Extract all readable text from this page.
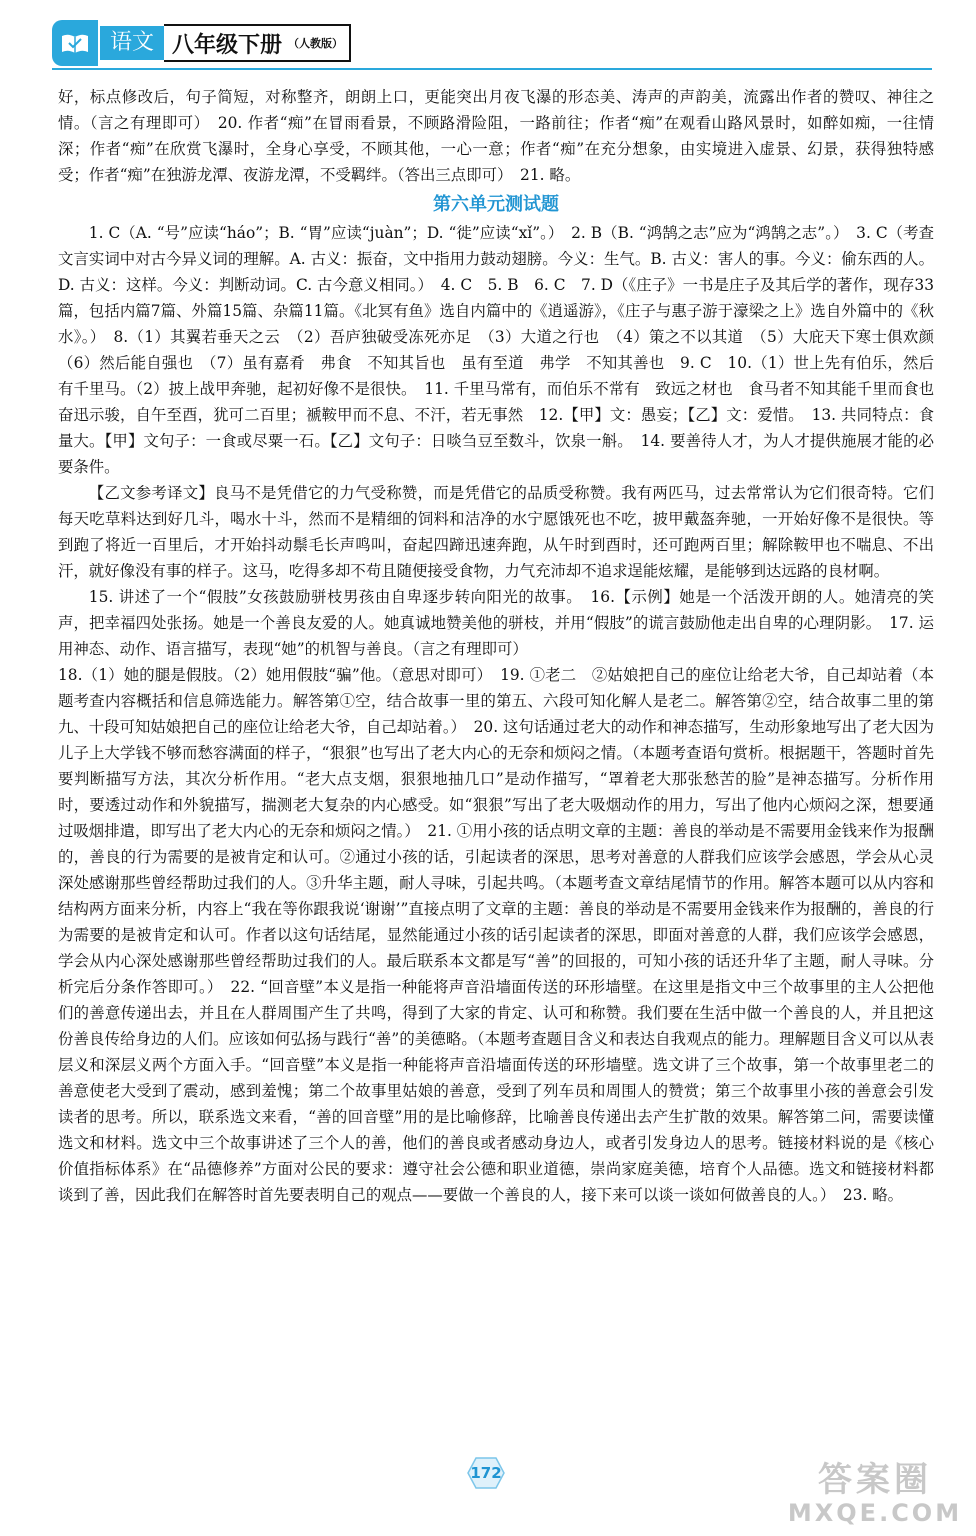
语文 八年级下册 （人教版）

好，标点修改后，句子简短，对称整齐，朗朗上口，更能突出月夜飞瀑的形态美、涛声的声韵美，流露出作者的赞叹、神往之情。（言之有理即可）　20. 作者“痴”在冒雨看景，不顾路滑险阻，一路前往；作者“痴”在观看山路风景时，如醉如痴，一往情深；作者“痴”在欣赏飞瀑时，全身心享受，不顾其他，一心一意；作者“痴”在充分想象，由实境进入虚景、幻景，获得独特感受；作者“痴”在独游龙潭、夜游龙潭，不受羁绊。（答出三点即可）　21. 略。

第六单元测试题

1. C（A. “号”应读“háo”；B. “胃”应读“juàn”；D. “徙”应读“xǐ”。）　2. B（B. “鸿鹄之志”应为“鸿鹄之志”。）　3. C（考查文言实词中对古今异义词的理解。A. 古义：振奋，文中指用力鼓动翅膀。今义：生气。B. 古义：害人的事。今义：偷东西的人。D. 古义：这样。今义：判断动词。C. 古今意义相同。）　4. C　5. B　6. C　7. D（《庄子》一书是庄子及其后学的著作，现存33篇，包括内篇7篇、外篇15篇、杂篇11篇。《北冥有鱼》选自内篇中的《逍遥游》，《庄子与惠子游于濠梁之上》选自外篇中的《秋水》。）　8.（1）其翼若垂天之云　（2）吾庐独破受冻死亦足　（3）大道之行也　（4）策之不以其道　（5）大庇天下寒士俱欢颜　（6）然后能自强也　（7）虽有嘉肴　弗食　不知其旨也　虽有至道　弗学　不知其善也　9. C　10.（1）世上先有伯乐，然后有千里马。（2）披上战甲奔驰，起初好像不是很快。　11. 千里马常有，而伯乐不常有　致远之材也　食马者不知其能千里而食也　奋迅示骏，自午至酉，犹可二百里；褫鞍甲而不息、不汗，若无事然　12.【甲】文：愚妄；【乙】文：爱惜。　13. 共同特点：食量大。【甲】文句子：一食或尽粟一石。【乙】文句子：日啖刍豆至数斗，饮泉一斛。　14. 要善待人才，为人才提供施展才能的必要条件。

【乙文参考译文】良马不是凭借它的力气受称赞，而是凭借它的品质受称赞。我有两匹马，过去常常认为它们很奇特。它们每天吃草料达到好几斗，喝水十斗，然而不是精细的饲料和洁净的水宁愿饿死也不吃，披甲戴盔奔驰，一开始好像不是很快。等到跑了将近一百里后，才开始抖动鬃毛长声鸣叫，奋起四蹄迅速奔跑，从午时到酉时，还可跑两百里；解除鞍甲也不喘息、不出汗，就好像没有事的样子。这马，吃得多却不苟且随便接受食物，力气充沛却不追求逞能炫耀，是能够到达远路的良材啊。

15. 讲述了一个“假肢”女孩鼓励骈枝男孩由自卑逐步转向阳光的故事。　16.【示例】她是一个活泼开朗的人。她清亮的笑声，把幸福四处张扬。她是一个善良友爱的人。她真诚地赞美他的骈枝，并用“假肢”的谎言鼓励他走出自卑的心理阴影。　17. 运用神态、动作、语言描写，表现“她”的机智与善良。（言之有理即可）

18.（1）她的腿是假肢。（2）她用假肢“骗”他。（意思对即可）　19. ①老二　②姑娘把自己的座位让给老大爷，自己却站着（本题考查内容概括和信息筛选能力。解答第①空，结合故事一里的第五、六段可知化解人是老二。解答第②空，结合故事二里的第九、十段可知姑娘把自己的座位让给老大爷，自己却站着。）　20. 这句话通过老大的动作和神态描写，生动形象地写出了老大因为儿子上大学钱不够而愁容满面的样子，“狠狠”也写出了老大内心的无奈和烦闷之情。（本题考查语句赏析。根据题干，答题时首先要判断描写方法，其次分析作用。“老大点支烟，狠狠地抽几口”是动作描写，“罩着老大那张愁苦的脸”是神态描写。分析作用时，要透过动作和外貌描写，揣测老大复杂的内心感受。如“狠狠”写出了老大吸烟动作的用力，写出了他内心烦闷之深，想要通过吸烟排遣，即写出了老大内心的无奈和烦闷之情。）　21. ①用小孩的话点明文章的主题：善良的举动是不需要用金钱来作为报酬的，善良的行为需要的是被肯定和认可。②通过小孩的话，引起读者的深思，思考对善意的人群我们应该学会感恩，学会从心灵深处感谢那些曾经帮助过我们的人。③升华主题，耐人寻味，引起共鸣。（本题考查文章结尾情节的作用。解答本题可以从内容和结构两方面来分析，内容上“我在等你跟我说‘谢谢’”直接点明了文章的主题：善良的举动是不需要用金钱来作为报酬的，善良的行为需要的是被肯定和认可。作者以这句话结尾，显然能通过小孩的话引起读者的深思，即面对善意的人群，我们应该学会感恩，学会从内心深处感谢那些曾经帮助过我们的人。最后联系本文都是写“善”的回报的，可知小孩的话还升华了主题，耐人寻味。分析完后分条作答即可。）　22. “回音壁”本义是指一种能将声音沿墙面传送的环形墙壁。在这里是指文中三个故事里的主人公把他们的善意传递出去，并且在人群周围产生了共鸣，得到了大家的肯定、认可和称赞。我们要在生活中做一个善良的人，并且把这份善良传给身边的人们。应该如何弘扬与践行“善”的美德略。（本题考查题目含义和表达自我观点的能力。理解题目含义可以从表层义和深层义两个方面入手。“回音壁”本义是指一种能将声音沿墙面传送的环形墙壁。选文讲了三个故事，第一个故事里老二的善意使老大受到了震动，感到羞愧；第二个故事里姑娘的善意，受到了列车员和周围人的赞赏；第三个故事里小孩的善意会引发读者的思考。所以，联系选文来看，“善的回音壁”用的是比喻修辞，比喻善良传递出去产生扩散的效果。解答第二问，需要读懂选文和材料。选文中三个故事讲述了三个人的善，他们的善良或者感动身边人，或者引发身边人的思考。链接材料说的是《核心价值指标体系》在“品德修养”方面对公民的要求：遵守社会公德和职业道德，崇尚家庭美德，培育个人品德。选文和链接材料都谈到了善，因此我们在解答时首先要表明自己的观点——要做一个善良的人，接下来可以谈一谈如何做善良的人。）　23. 略。

172	答案圈
MXQE.COM
